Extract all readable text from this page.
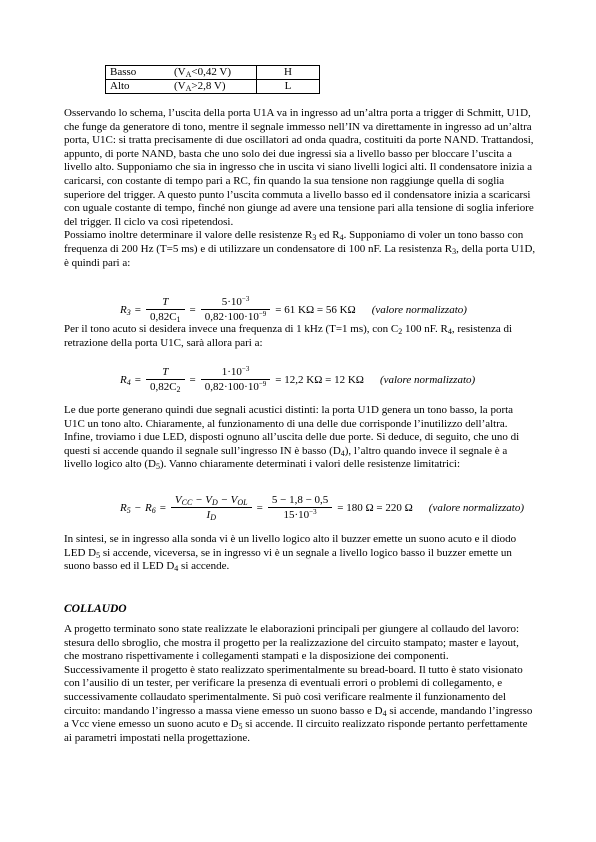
Basso ($V_A<0,42$ V)	H
Alto ($V_A>2,8$ V)	L

Osservando lo schema, l’uscita della porta U1A va in ingresso ad un’altra porta a trigger di Schmitt, U1D, che funge da generatore di tono, mentre il segnale immesso nell’IN va direttamente in ingresso ad un’altra porta, U1C: si tratta precisamente di due oscillatori ad onda quadra, costituiti da porte NAND. Trattandosi, appunto, di porte NAND, basta che uno solo dei due ingressi sia a livello basso per bloccare l’uscita a livello alto. Supponiamo che sia in ingresso che in uscita vi siano livelli logici alti. Il condensatore inizia a caricarsi, con costante di tempo pari a RC, fin quando la sua tensione non raggiunge quella di soglia superiore del trigger. A questo punto l’uscita commuta a livello basso ed il condensatore inizia a scaricarsi con uguale costante di tempo, finché non giunge ad avere una tensione pari alla tensione di soglia inferiore del trigger. Il ciclo va così ripetendosi.

Possiamo inoltre determinare il valore delle resistenze $R_3$ ed $R_4$. Supponiamo di voler un tono basso con frequenza di 200 Hz (T=5 ms) e di utilizzare un condensatore di 100 nF. La resistenza $R_3$, della porta U1D, è quindi pari a:

$R_3 = \frac{T}{0,82C_1} = \frac{5\cdot 10^{-3}}{0,82\cdot 100\cdot 10^{-9}} = 61$ KΩ = 56 KΩ (valore normalizzato)

Per il tono acuto si desidera invece una frequenza di 1 kHz (T=1 ms), con $C_2$ 100 nF. $R_4$, resistenza di retrazione della porta U1C, sarà allora pari a:

$R_4 = \frac{T}{0,82C_2} = \frac{1\cdot 10^{-3}}{0,82\cdot 100\cdot 10^{-9}} = 12,2$ KΩ = 12 KΩ (valore normalizzato)

Le due porte generano quindi due segnali acustici distinti: la porta U1D genera un tono basso, la porta U1C un tono alto. Chiaramente, al funzionamento di una delle due corrisponde l’inutilizzo dell’altra. Infine, troviamo i due LED, disposti ognuno all’uscita delle due porte. Si deduce, di seguito, che uno di questi si accende quando il segnale sull’ingresso IN è basso $(D_4)$, l’altro quando invece il segnale è a livello logico alto $(D_5)$. Vanno chiaramente determinati i valori delle resistenze limitatrici:

$R_5 - R_6 = \frac{V_{CC} - V_D - V_{OL}}{I_D} = \frac{5 - 1,8 - 0,5}{15\cdot 10^{-3}} = 180$ Ω = 220 Ω (valore normalizzato)

In sintesi, se in ingresso alla sonda vi è un livello logico alto il buzzer emette un suono acuto e il diodo LED $D_5$ si accende, viceversa, se in ingresso vi è un segnale a livello logico basso il buzzer emette un suono basso ed il LED $D_4$ si accende.

COLLAUDO

A progetto terminato sono state realizzate le elaborazioni principali per giungere al collaudo del lavoro: stesura dello sbroglio, che mostra il progetto per la realizzazione del circuito stampato; master e layout, che mostrano rispettivamente i collegamenti stampati e la disposizione dei componenti.

Successivamente il progetto è stato realizzato sperimentalmente su bread-board. Il tutto è stato visionato con l’ausilio di un tester, per verificare la presenza di eventuali errori o problemi di collegamento, e successivamente collaudato sperimentalmente. Si può così verificare realmente il funzionamento del circuito: mandando l’ingresso a massa viene emesso un suono basso e $D_4$ si accende, mandando l’ingresso a Vcc viene emesso un suono acuto e $D_5$ si accende. Il circuito realizzato risponde pertanto perfettamente ai parametri impostati nella progettazione.
